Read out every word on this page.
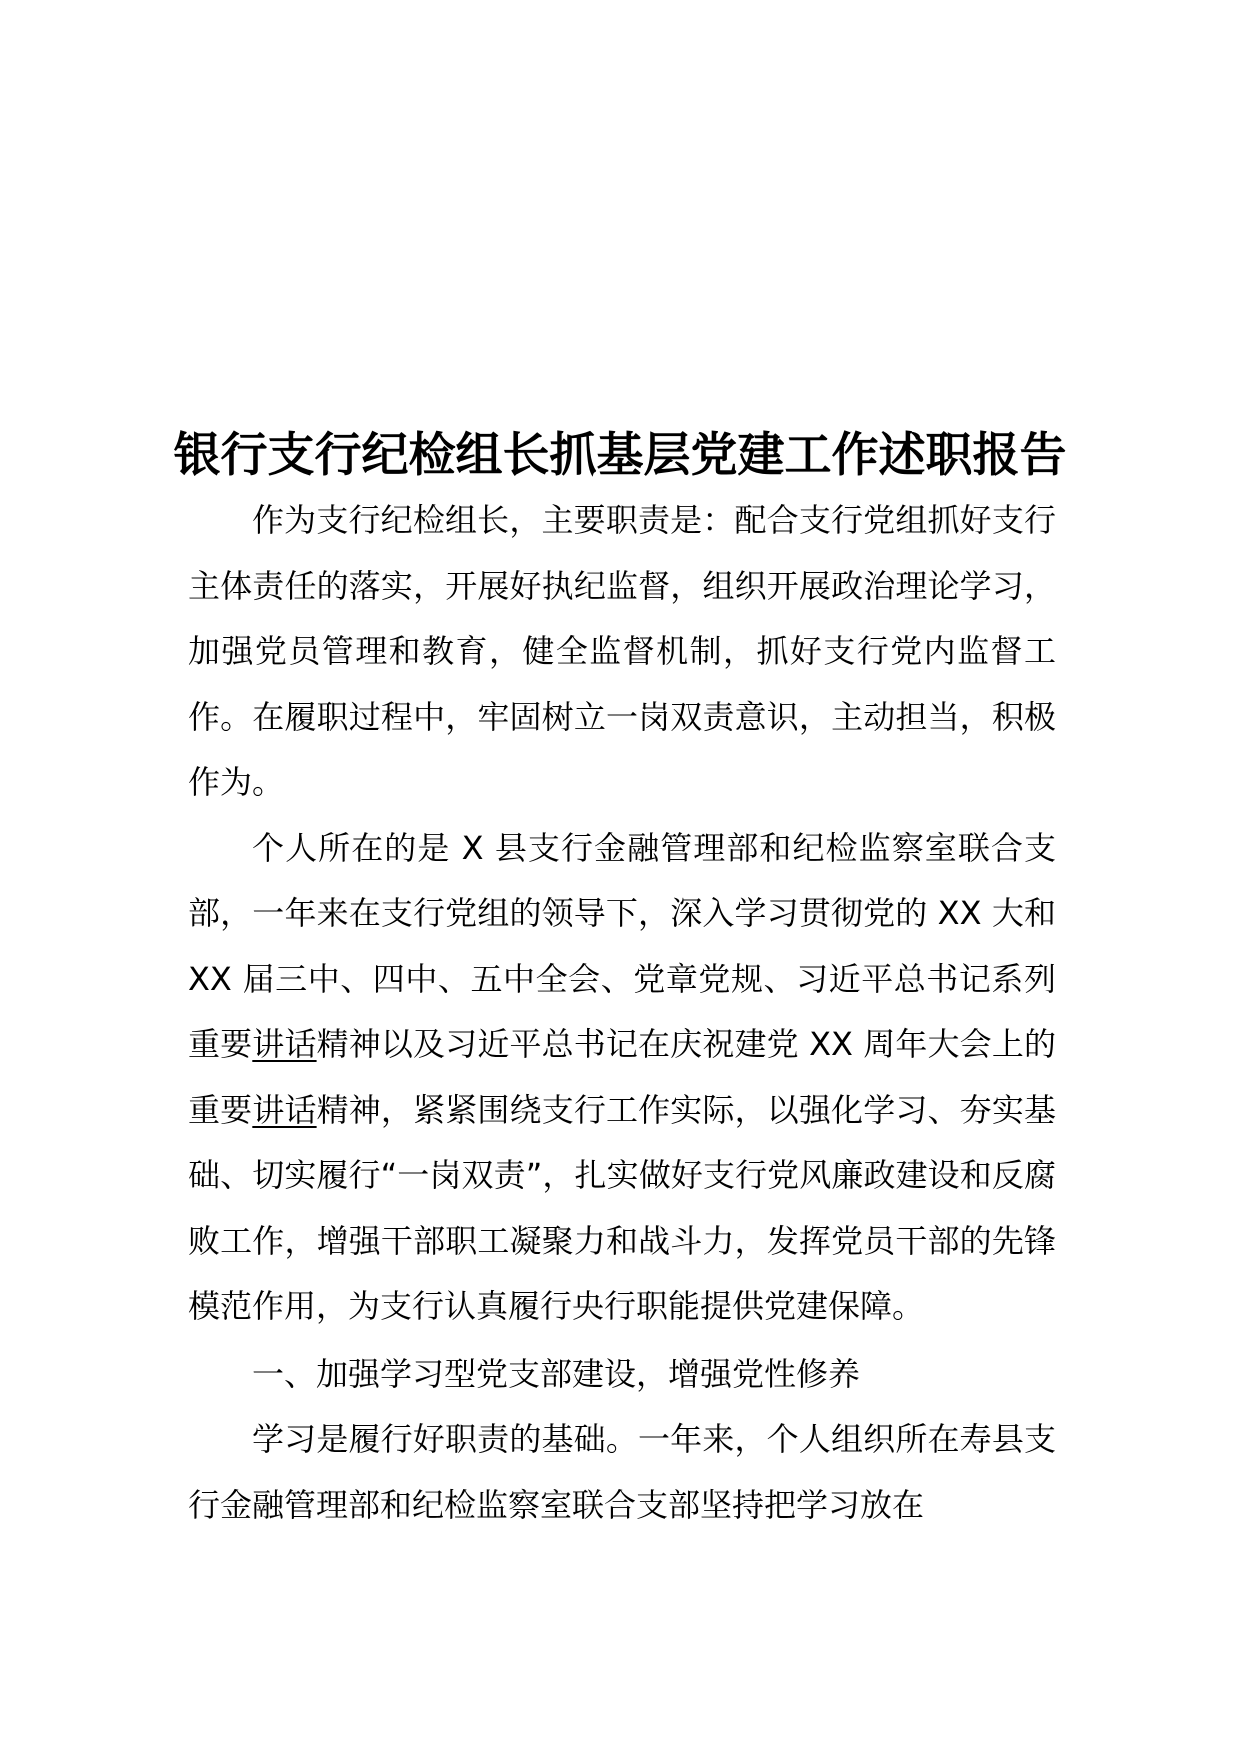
银行支行纪检组长抓基层党建工作述职报告

作为支行纪检组长，主要职责是：配合支行党组抓好支行主体责任的落实，开展好执纪监督，组织开展政治理论学习，加强党员管理和教育，健全监督机制，抓好支行党内监督工作。在履职过程中，牢固树立一岗双责意识，主动担当，积极作为。

个人所在的是 X 县支行金融管理部和纪检监察室联合支部，一年来在支行党组的领导下，深入学习贯彻党的 XX 大和 XX 届三中、四中、五中全会、党章党规、习近平总书记系列重要讲话精神以及习近平总书记在庆祝建党 XX 周年大会上的重要讲话精神，紧紧围绕支行工作实际，以强化学习、夯实基础、切实履行“一岗双责”，扎实做好支行党风廉政建设和反腐败工作，增强干部职工凝聚力和战斗力，发挥党员干部的先锋模范作用，为支行认真履行央行职能提供党建保障。

一、加强学习型党支部建设，增强党性修养

学习是履行好职责的基础。一年来，个人组织所在寿县支行金融管理部和纪检监察室联合支部坚持把学习放在
